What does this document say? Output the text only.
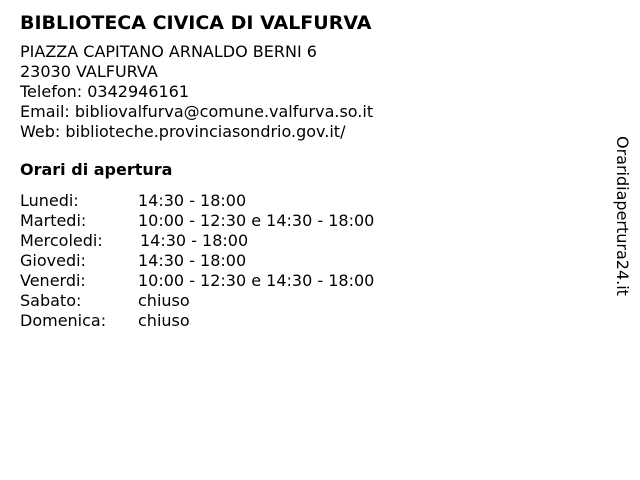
BIBLIOTECA CIVICA DI VALFURVA
PIAZZA CAPITANO ARNALDO BERNI 6
23030 VALFURVA
Telefon: 0342946161
Email: bibliovalfurva@comune.valfurva.so.it
Web: biblioteche.provinciasondrio.gov.it/
Orari di apertura
Lunedi:	14:30 - 18:00
Martedi:	10:00 - 12:30 e 14:30 - 18:00
Mercoledi: 14:30 - 18:00
Giovedi:	14:30 - 18:00
Venerdi:	10:00 - 12:30 e 14:30 - 18:00
Sabato:	chiuso
Domenica: chiuso
Oraridiapertura24.it
